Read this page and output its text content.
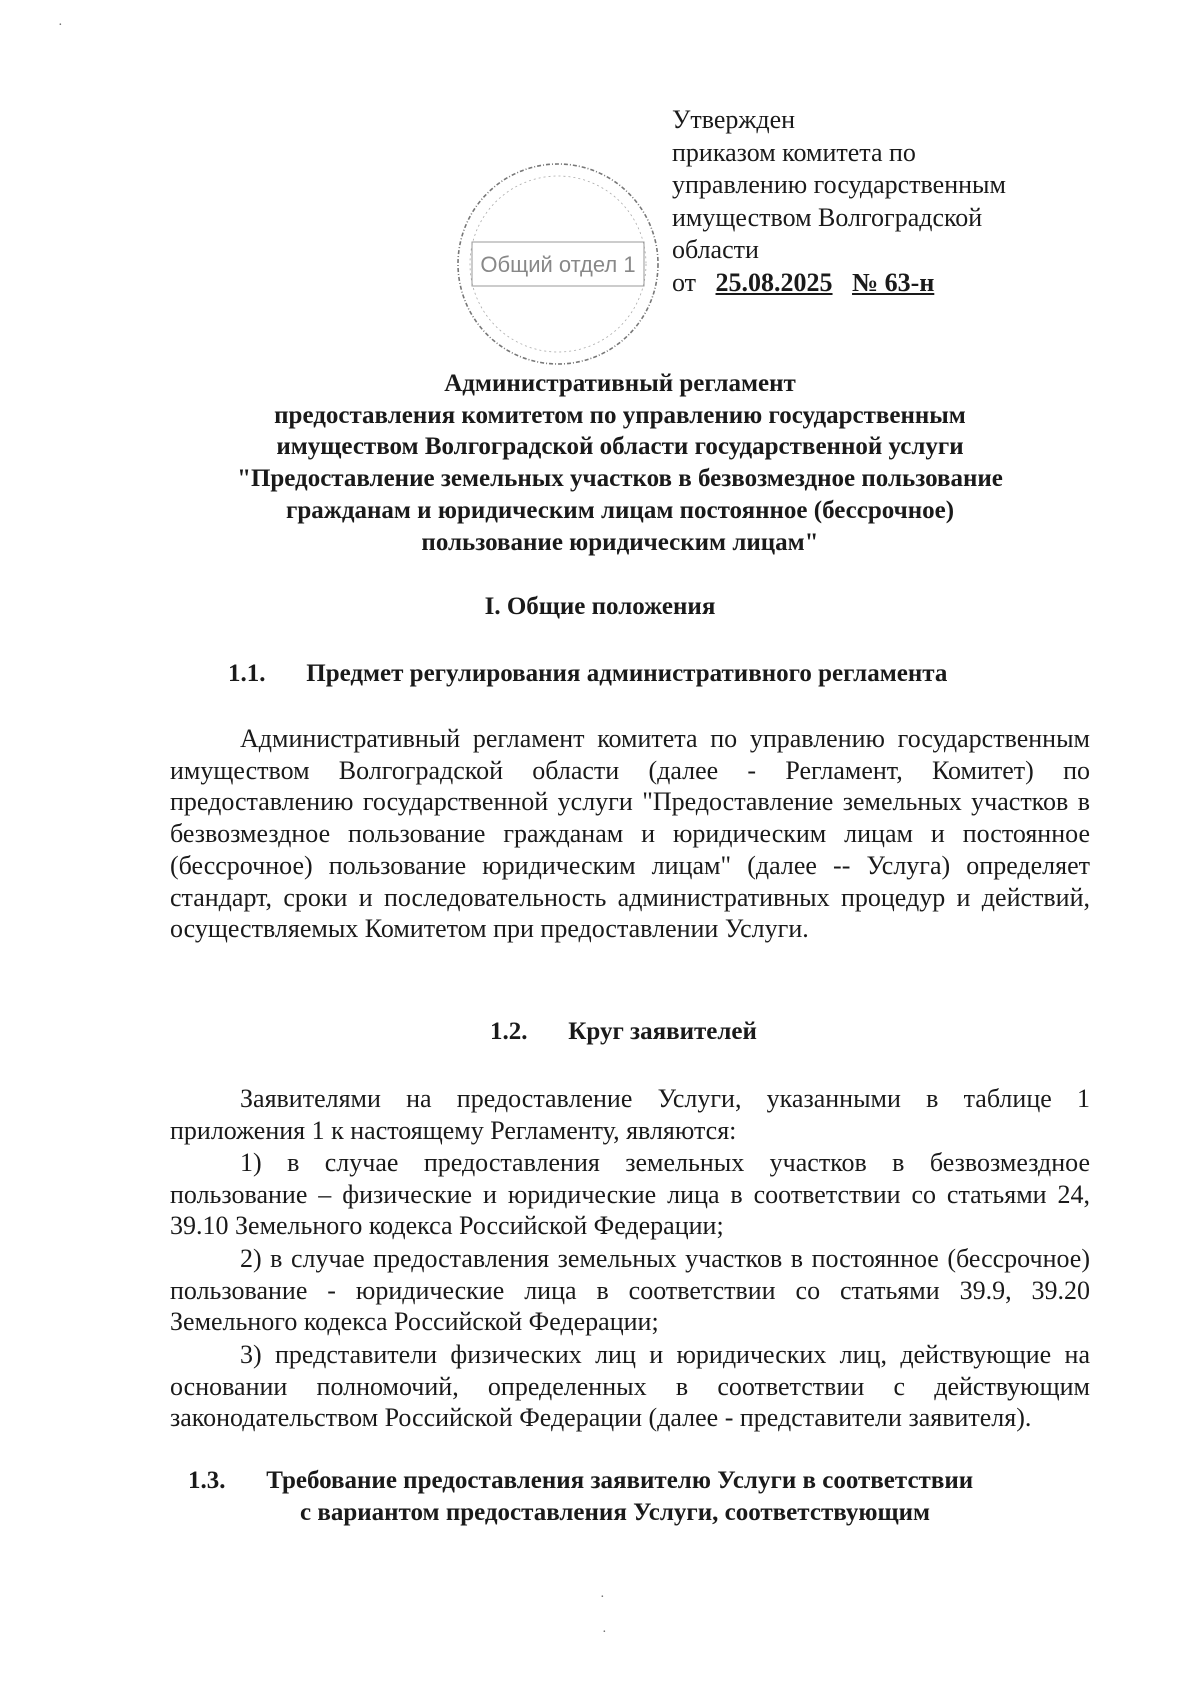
Утвержден
приказом комитета по
управлению государственным
имуществом Волгоградской
области
от 25.08.2025 № 63-н
Общий отдел 1
Административный регламент
предоставления комитетом по управлению государственным
имуществом Волгоградской области государственной услуги
"Предоставление земельных участков в безвозмездное пользование
гражданам и юридическим лицам постоянное (бессрочное)
пользование юридическим лицам"
I. Общие положения
1.1. Предмет регулирования административного регламента
Административный регламент комитета по управлению государственным имуществом Волгоградской области (далее - Регламент, Комитет) по предоставлению государственной услуги "Предоставление земельных участков в безвозмездное пользование гражданам и юридическим лицам и постоянное (бессрочное) пользование юридическим лицам" (далее -- Услуга) определяет стандарт, сроки и последовательность административных процедур и действий, осуществляемых Комитетом при предоставлении Услуги.
1.2. Круг заявителей
Заявителями на предоставление Услуги, указанными в таблице 1 приложения 1 к настоящему Регламенту, являются:
1) в случае предоставления земельных участков в безвозмездное пользование – физические и юридические лица в соответствии со статьями 24, 39.10 Земельного кодекса Российской Федерации;
2) в случае предоставления земельных участков в постоянное (бессрочное) пользование - юридические лица в соответствии со статьями 39.9, 39.20 Земельного кодекса Российской Федерации;
3) представители физических лиц и юридических лиц, действующие на основании полномочий, определенных в соответствии с действующим законодательством Российской Федерации (далее - представители заявителя).
1.3. Требование предоставления заявителю Услуги в соответствии
с вариантом предоставления Услуги, соответствующим
·
·
·
